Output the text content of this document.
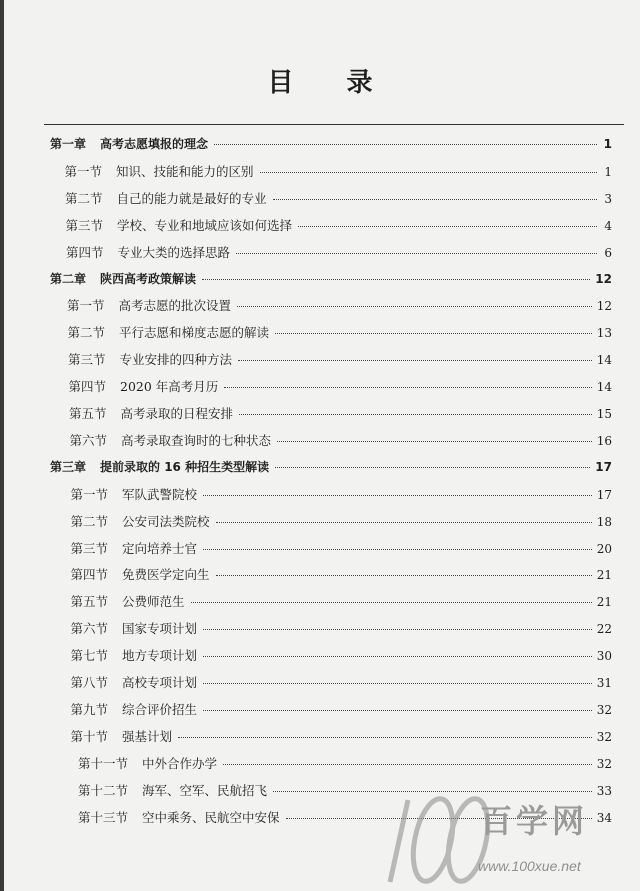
目 录
第一章 高考志愿填报的理念	1
第一节 知识、技能和能力的区别	1
第二节 自己的能力就是最好的专业	3
第三节 学校、专业和地域应该如何选择	4
第四节 专业大类的选择思路	6
第二章 陕西高考政策解读	12
第一节 高考志愿的批次设置	12
第二节 平行志愿和梯度志愿的解读	13
第三节 专业安排的四种方法	14
第四节 2020 年高考月历	14
第五节 高考录取的日程安排	15
第六节 高考录取查询时的七种状态	16
第三章 提前录取的 16 种招生类型解读	17
第一节 军队武警院校	17
第二节 公安司法类院校	18
第三节 定向培养士官	20
第四节 免费医学定向生	21
第五节 公费师范生	21
第六节 国家专项计划	22
第七节 地方专项计划	30
第八节 高校专项计划	31
第九节 综合评价招生	32
第十节 强基计划	32
第十一节 中外合作办学	32
第十二节 海军、空军、民航招飞	33
第十三节 空中乘务、民航空中安保	34
百学网
www.100xue.net
